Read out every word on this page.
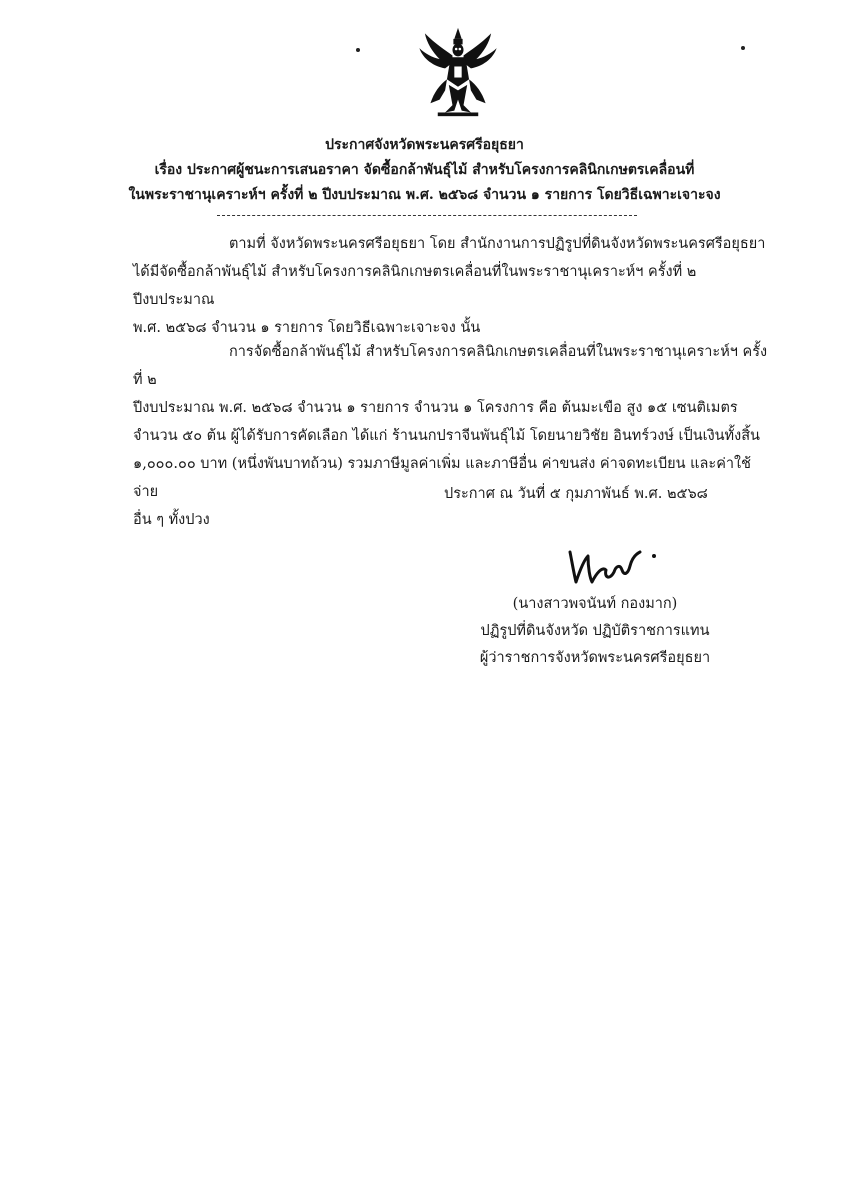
ประกาศจังหวัดพระนครศรีอยุธยา
เรื่อง ประกาศผู้ชนะการเสนอราคา จัดซื้อกล้าพันธุ์ไม้ สำหรับโครงการคลินิกเกษตรเคลื่อนที่
ในพระราชานุเคราะห์ฯ ครั้งที่ ๒ ปีงบประมาณ พ.ศ. ๒๕๖๘ จำนวน ๑ รายการ โดยวิธีเฉพาะเจาะจง
ตามที่ จังหวัดพระนครศรีอยุธยา โดย สำนักงานการปฏิรูปที่ดินจังหวัดพระนครศรีอยุธยา
ได้มีจัดซื้อกล้าพันธุ์ไม้ สำหรับโครงการคลินิกเกษตรเคลื่อนที่ในพระราชานุเคราะห์ฯ ครั้งที่ ๒ ปีงบประมาณ
พ.ศ. ๒๕๖๘ จำนวน ๑ รายการ โดยวิธีเฉพาะเจาะจง นั้น
การจัดซื้อกล้าพันธุ์ไม้ สำหรับโครงการคลินิกเกษตรเคลื่อนที่ในพระราชานุเคราะห์ฯ ครั้งที่ ๒
ปีงบประมาณ พ.ศ. ๒๕๖๘ จำนวน ๑ รายการ จำนวน ๑ โครงการ คือ ต้นมะเขือ สูง ๑๕ เซนติเมตร
จำนวน ๕๐ ต้น ผู้ได้รับการคัดเลือก ได้แก่ ร้านนกปราจีนพันธุ์ไม้ โดยนายวิชัย อินทร์วงษ์ เป็นเงินทั้งสิ้น
๑,๐๐๐.๐๐ บาท (หนึ่งพันบาทถ้วน) รวมภาษีมูลค่าเพิ่ม และภาษีอื่น ค่าขนส่ง ค่าจดทะเบียน และค่าใช้จ่าย
อื่น ๆ ทั้งปวง
ประกาศ ณ วันที่ ๕ กุมภาพันธ์ พ.ศ. ๒๕๖๘
(นางสาวพจนันท์ กองมาก)
ปฏิรูปที่ดินจังหวัด ปฏิบัติราชการแทน
ผู้ว่าราชการจังหวัดพระนครศรีอยุธยา
